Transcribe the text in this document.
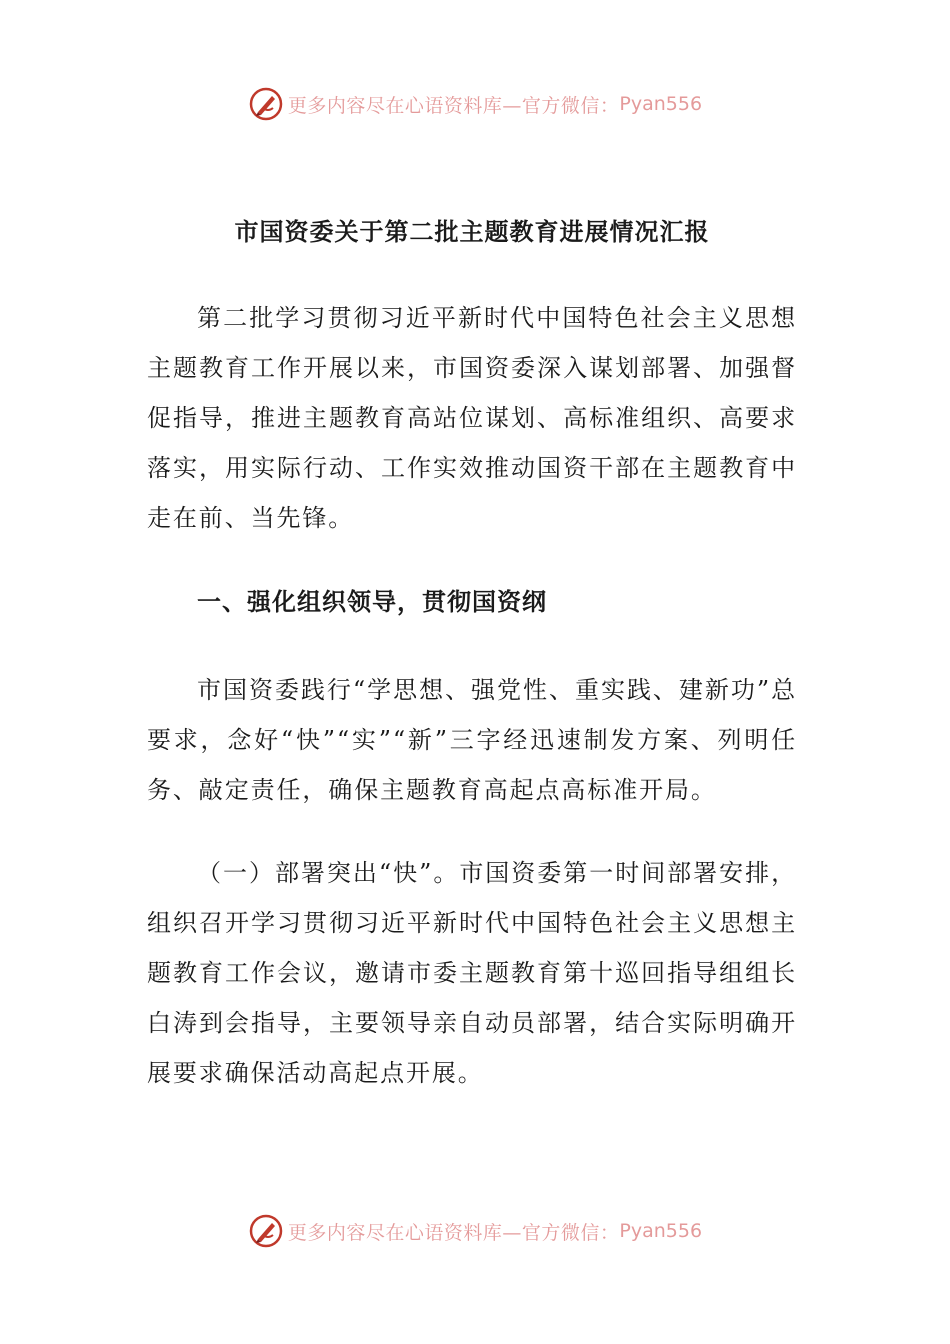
更多内容尽在心语资料库—官方微信： Pyan556
市国资委关于第二批主题教育进展情况汇报

第二批学习贯彻习近平新时代中国特色社会主义思想主题教育工作开展以来，市国资委深入谋划部署、加强督促指导，推进主题教育高站位谋划、高标准组织、高要求落实，用实际行动、工作实效推动国资干部在主题教育中走在前、当先锋。

一、强化组织领导，贯彻国资纲

市国资委践行“学思想、强党性、重实践、建新功”总要求，念好“快”“实”“新”三字经迅速制发方案、列明任务、敲定责任，确保主题教育高起点高标准开局。

（一）部署突出“快”。市国资委第一时间部署安排，组织召开学习贯彻习近平新时代中国特色社会主义思想主题教育工作会议，邀请市委主题教育第十巡回指导组组长白涛到会指导，主要领导亲自动员部署，结合实际明确开展要求确保活动高起点开展。

更多内容尽在心语资料库—官方微信： Pyan556
